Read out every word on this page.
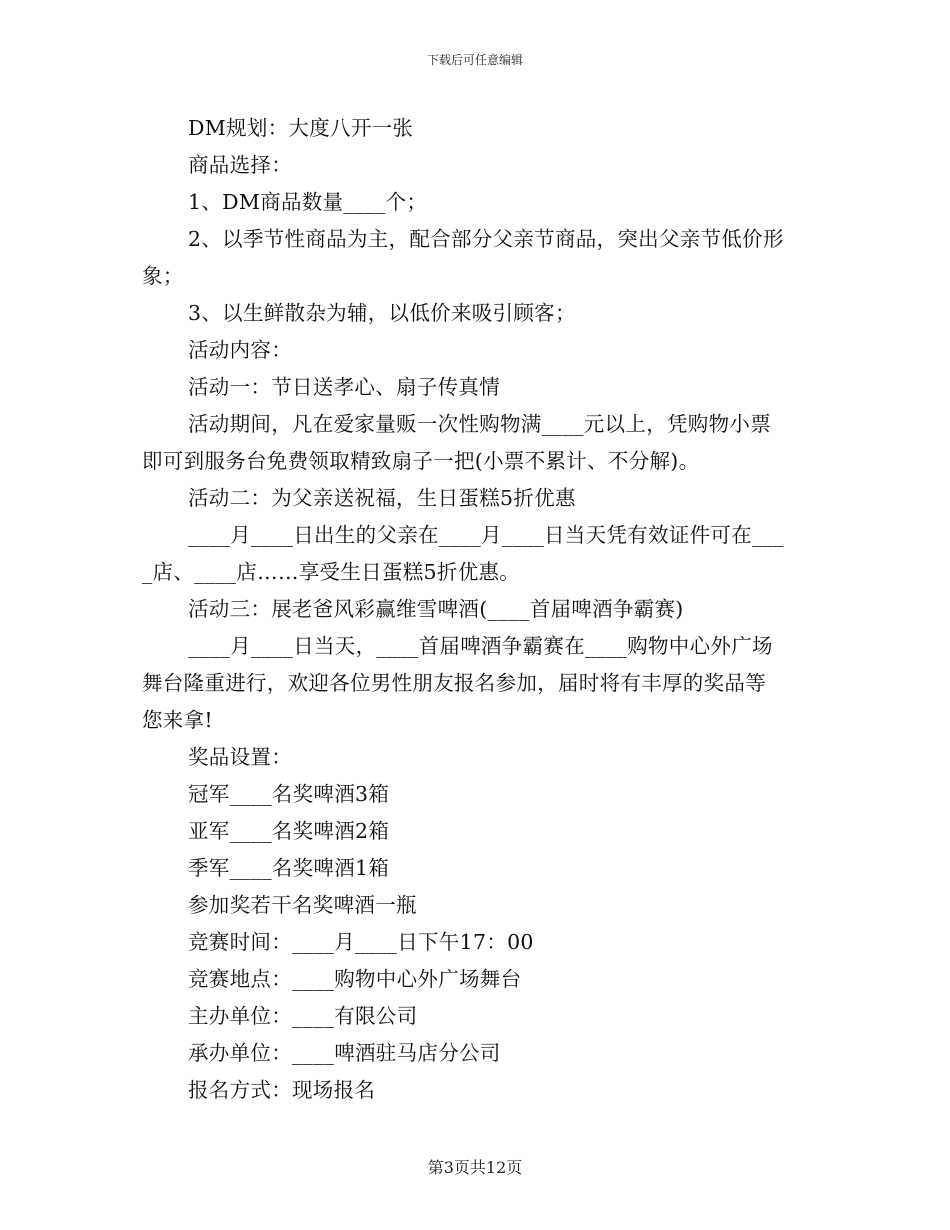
下载后可任意编辑

DM规划：大度八开一张

商品选择：

1、DM商品数量____个；

2、以季节性商品为主，配合部分父亲节商品，突出父亲节低价形

象；

3、以生鲜散杂为辅，以低价来吸引顾客；

活动内容：

活动一：节日送孝心、扇子传真情

活动期间，凡在爱家量贩一次性购物满____元以上，凭购物小票

即可到服务台免费领取精致扇子一把(小票不累计、不分解)。

活动二：为父亲送祝福，生日蛋糕5折优惠

____月____日出生的父亲在____月____日当天凭有效证件可在___

_店、____店……享受生日蛋糕5折优惠。

活动三：展老爸风彩赢维雪啤酒(____首届啤酒争霸赛)

____月____日当天，____首届啤酒争霸赛在____购物中心外广场

舞台隆重进行，欢迎各位男性朋友报名参加，届时将有丰厚的奖品等

您来拿!

奖品设置：

冠军____名奖啤酒3箱

亚军____名奖啤酒2箱

季军____名奖啤酒1箱

参加奖若干名奖啤酒一瓶

竞赛时间：____月____日下午17：00

竞赛地点：____购物中心外广场舞台

主办单位：____有限公司

承办单位：____啤酒驻马店分公司

报名方式：现场报名

第3页共12页
